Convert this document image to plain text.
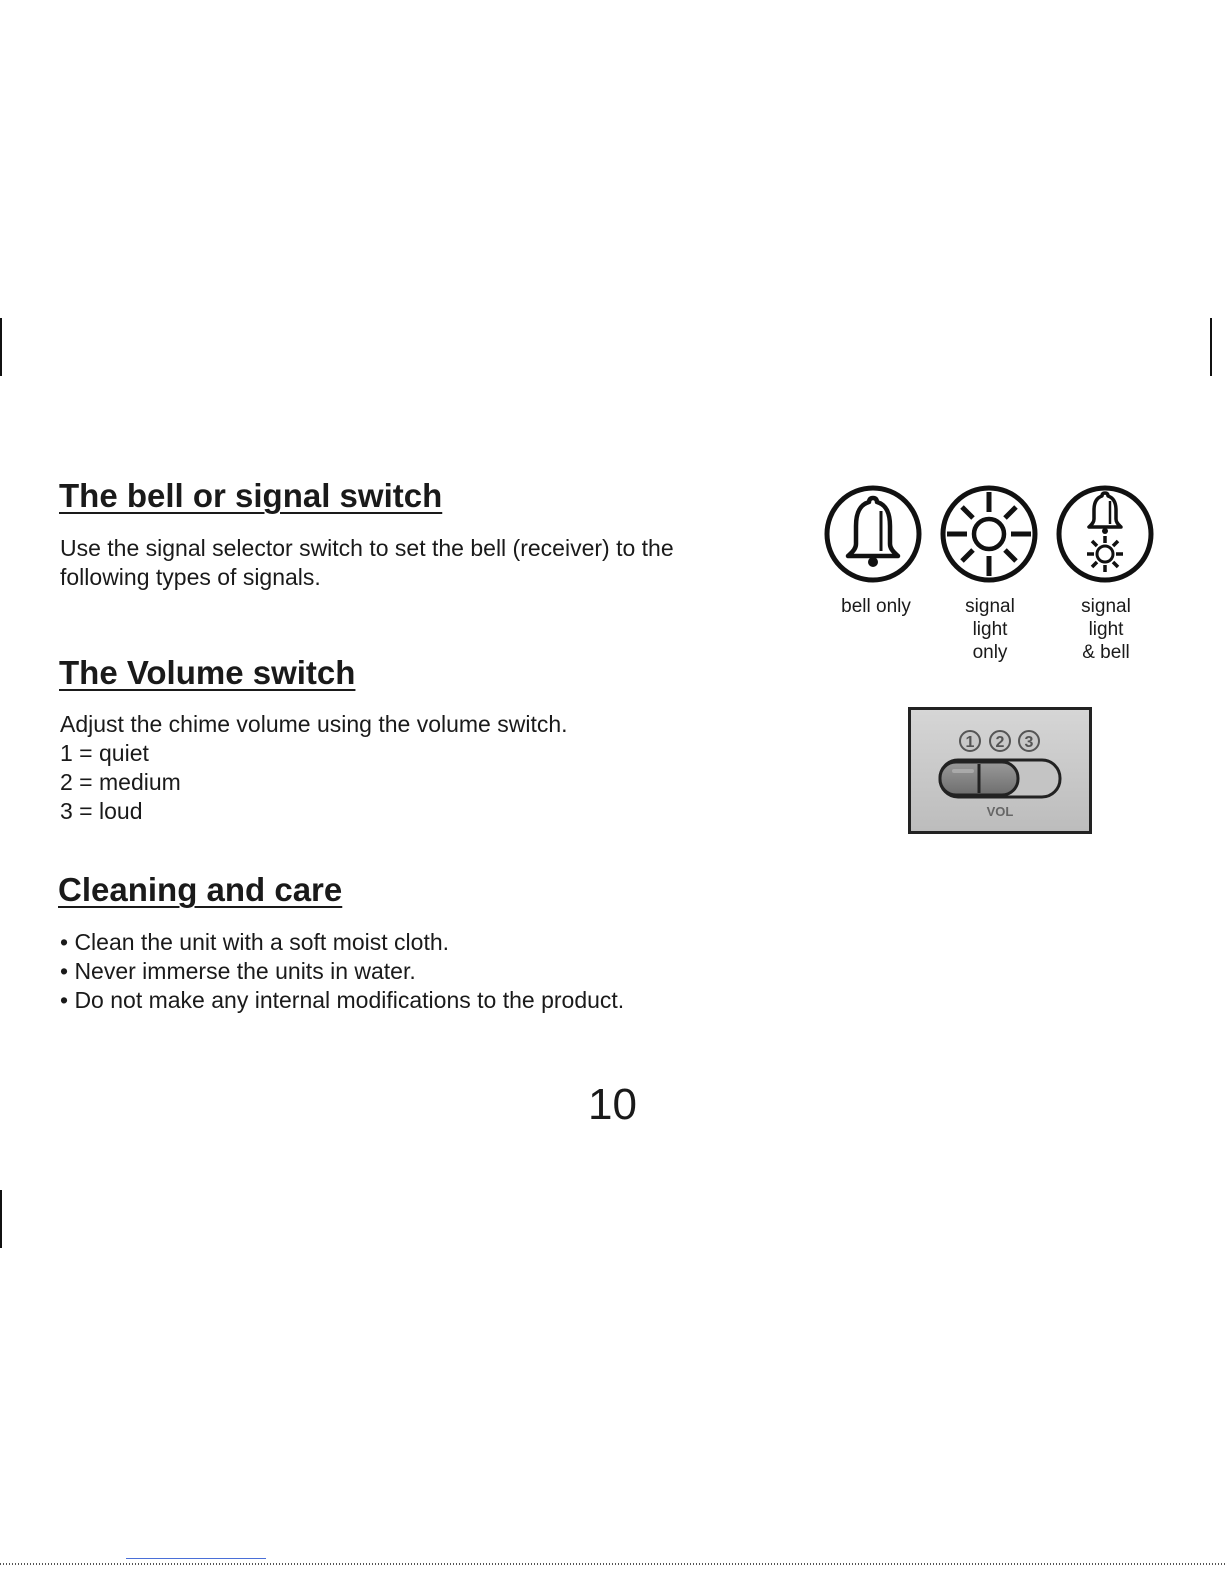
The bell or signal switch
Use the signal selector switch to set the bell (receiver) to the
following types of signals.
The Volume switch
Adjust the chime volume using the volume switch.
1 = quiet
2 = medium
3 = loud
Cleaning and care
• Clean the unit with a soft moist cloth.
• Never immerse the units in water.
• Do not make any internal modifications to the product.
bell only	signal
light
only
signal
light
& bell
1 2 3
VOL
10
